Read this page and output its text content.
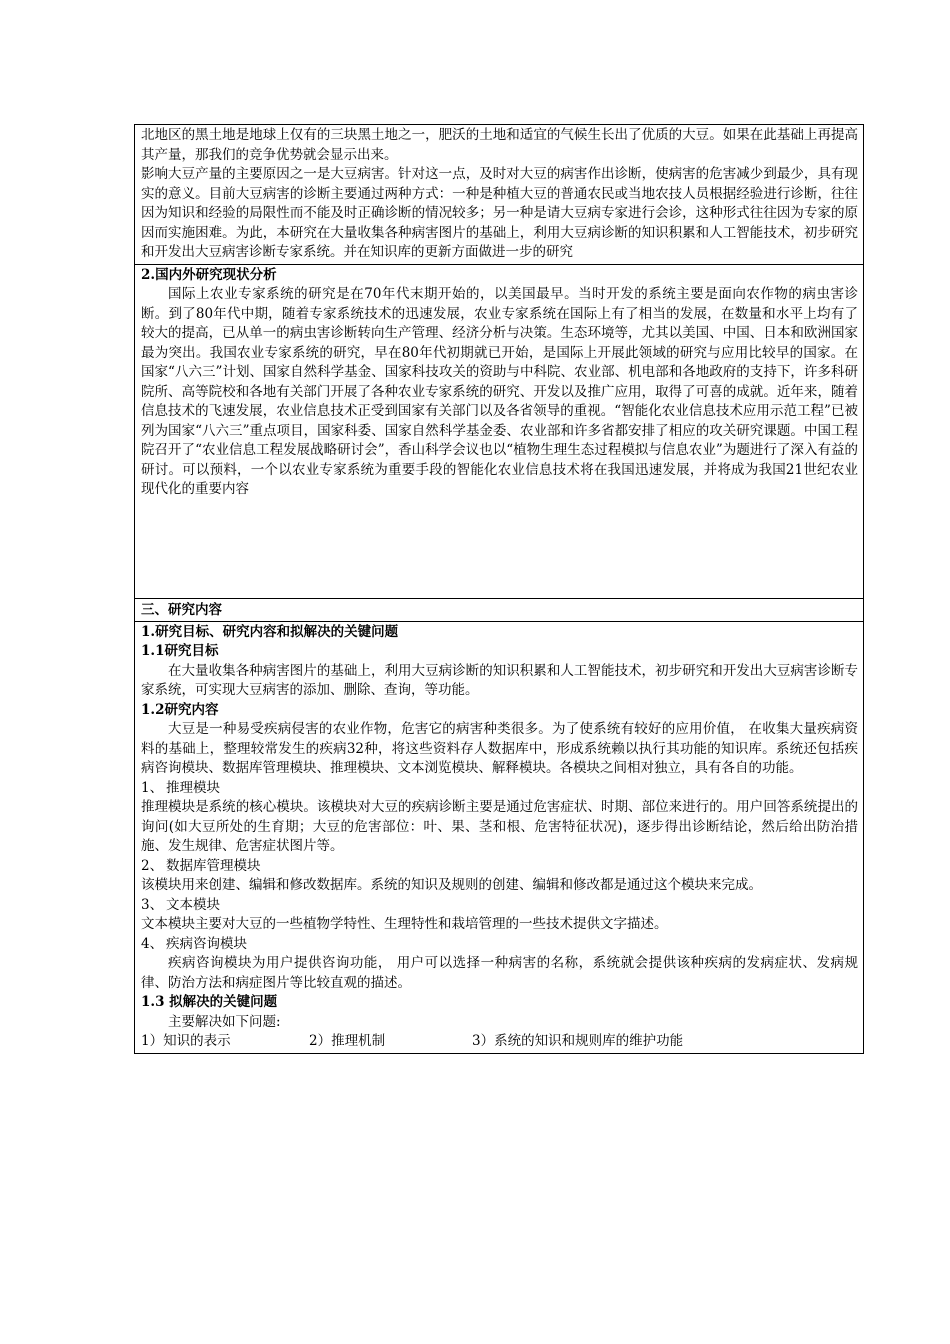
北地区的黑土地是地球上仅有的三块黑土地之一，肥沃的土地和适宜的气候生长出了优质的大豆。如果在此基础上再提高其产量，那我们的竞争优势就会显示出来。

影响大豆产量的主要原因之一是大豆病害。针对这一点，及时对大豆的病害作出诊断，使病害的危害减少到最少，具有现实的意义。目前大豆病害的诊断主要通过两种方式：一种是种植大豆的普通农民或当地农技人员根据经验进行诊断，往往因为知识和经验的局限性而不能及时正确诊断的情况较多；另一种是请大豆病专家进行会诊，这种形式往往因为专家的原因而实施困难。为此，本研究在大量收集各种病害图片的基础上，利用大豆病诊断的知识积累和人工智能技术，初步研究和开发出大豆病害诊断专家系统。并在知识库的更新方面做进一步的研究

2.国内外研究现状分析

国际上农业专家系统的研究是在70年代末期开始的，以美国最早。当时开发的系统主要是面向农作物的病虫害诊断。到了80年代中期，随着专家系统技术的迅速发展，农业专家系统在国际上有了相当的发展，在数量和水平上均有了较大的提高，已从单一的病虫害诊断转向生产管理、经济分析与决策。生态环境等，尤其以美国、中国、日本和欧洲国家最为突出。我国农业专家系统的研究，早在80年代初期就已开始，是国际上开展此领域的研究与应用比较早的国家。在国家“八六三”计划、国家自然科学基金、国家科技攻关的资助与中科院、农业部、机电部和各地政府的支持下，许多科研院所、高等院校和各地有关部门开展了各种农业专家系统的研究、开发以及推广应用，取得了可喜的成就。近年来，随着信息技术的飞速发展，农业信息技术正受到国家有关部门以及各省领导的重视。“智能化农业信息技术应用示范工程”已被列为国家“八六三”重点项目，国家科委、国家自然科学基金委、农业部和许多省都安排了相应的攻关研究课题。中国工程院召开了“农业信息工程发展战略研讨会”，香山科学会议也以“植物生理生态过程模拟与信息农业”为题进行了深入有益的研讨。可以预料，一个以农业专家系统为重要手段的智能化农业信息技术将在我国迅速发展，并将成为我国21世纪农业现代化的重要内容

三、研究内容

1.研究目标、研究内容和拟解决的关键问题

1.1研究目标

在大量收集各种病害图片的基础上，利用大豆病诊断的知识积累和人工智能技术，初步研究和开发出大豆病害诊断专家系统，可实现大豆病害的添加、删除、查询，等功能。

1.2研究内容

大豆是一种易受疾病侵害的农业作物，危害它的病害种类很多。为了使系统有较好的应用价值， 在收集大量疾病资料的基础上，整理较常发生的疾病32种，将这些资料存人数据库中，形成系统赖以执行其功能的知识库。系统还包括疾病咨询模块、数据库管理模块、推理模块、文本浏览模块、解释模块。各模块之间相对独立，具有各自的功能。

1、 推理模块

推理模块是系统的核心模块。该模块对大豆的疾病诊断主要是通过危害症状、时期、部位来进行的。用户回答系统提出的询问(如大豆所处的生育期；大豆的危害部位：叶、果、茎和根、危害特征状况)，逐步得出诊断结论，然后给出防治措施、发生规律、危害症状图片等。

2、 数据库管理模块

该模块用来创建、编辑和修改数据库。系统的知识及规则的创建、编辑和修改都是通过这个模块来完成。

3、 文本模块

文本模块主要对大豆的一些植物学特性、生理特性和栽培管理的一些技术提供文字描述。

4、 疾病咨询模块

疾病咨询模块为用户提供咨询功能， 用户可以选择一种病害的名称，系统就会提供该种疾病的发病症状、发病规律、防治方法和病症图片等比较直观的描述。

1.3 拟解决的关键问题

主要解决如下问题:

1）知识的表示	2）推理机制	3）系统的知识和规则库的维护功能
